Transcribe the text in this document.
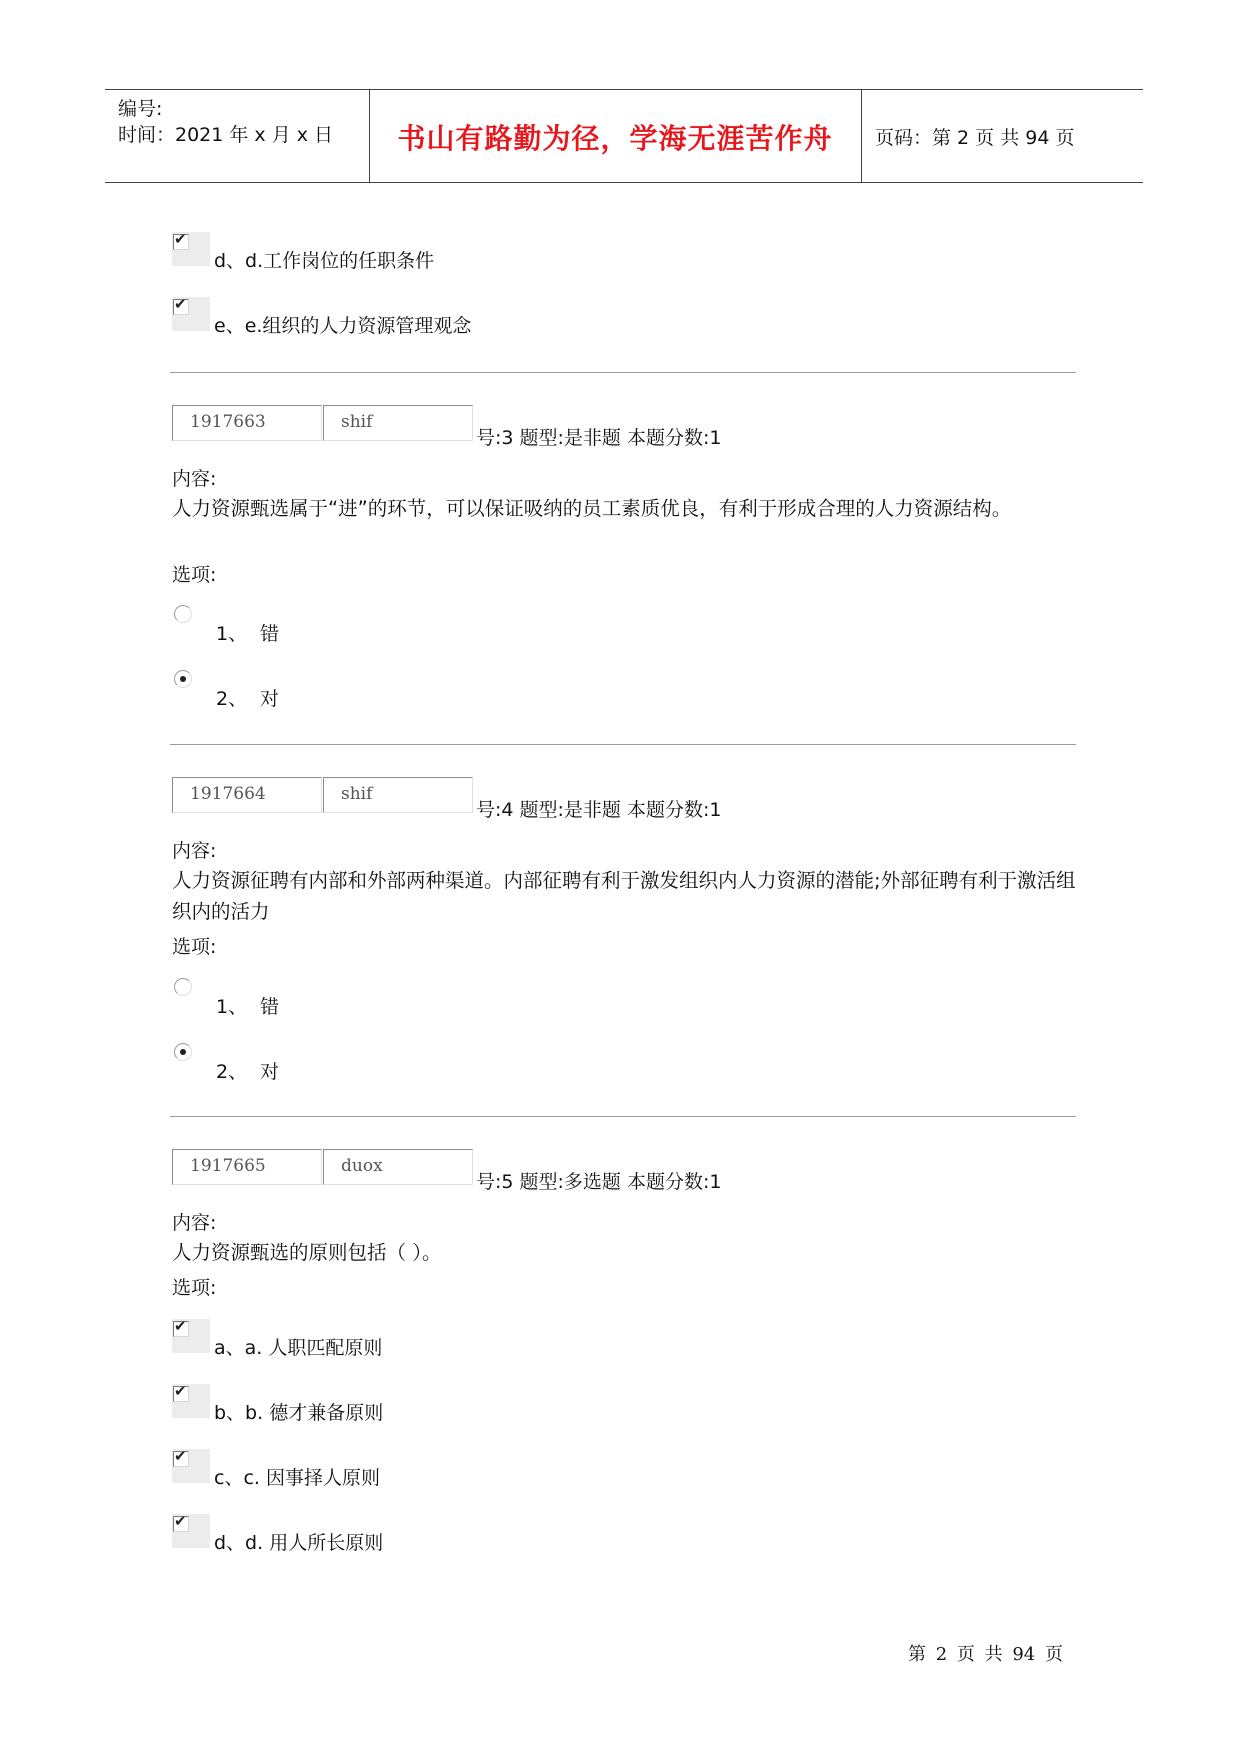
编号:
时间：2021 年 x 月 x 日	书山有路勤为径，学海无涯苦作舟	页码：第 2 页 共 94 页
✔
d、d.工作岗位的任职条件
✔
e、e.组织的人力资源管理观念
1917663	shif
号:3 题型:是非题 本题分数:1
内容:
人力资源甄选属于“进”的环节，可以保证吸纳的员工素质优良，有利于形成合理的人力资源结构。
选项:
1、 错
2、 对
1917664	shif
号:4 题型:是非题 本题分数:1
内容:
人力资源征聘有内部和外部两种渠道。内部征聘有利于激发组织内人力资源的潜能;外部征聘有利于激活组织内的活力
选项:
1、 错
2、 对
1917665	duox
号:5 题型:多选题 本题分数:1
内容:
人力资源甄选的原则包括（ ）。
选项:
✔
a、a. 人职匹配原则
✔
b、b. 德才兼备原则
✔
c、c. 因事择人原则
✔
d、d. 用人所长原则
第 2 页 共 94 页
